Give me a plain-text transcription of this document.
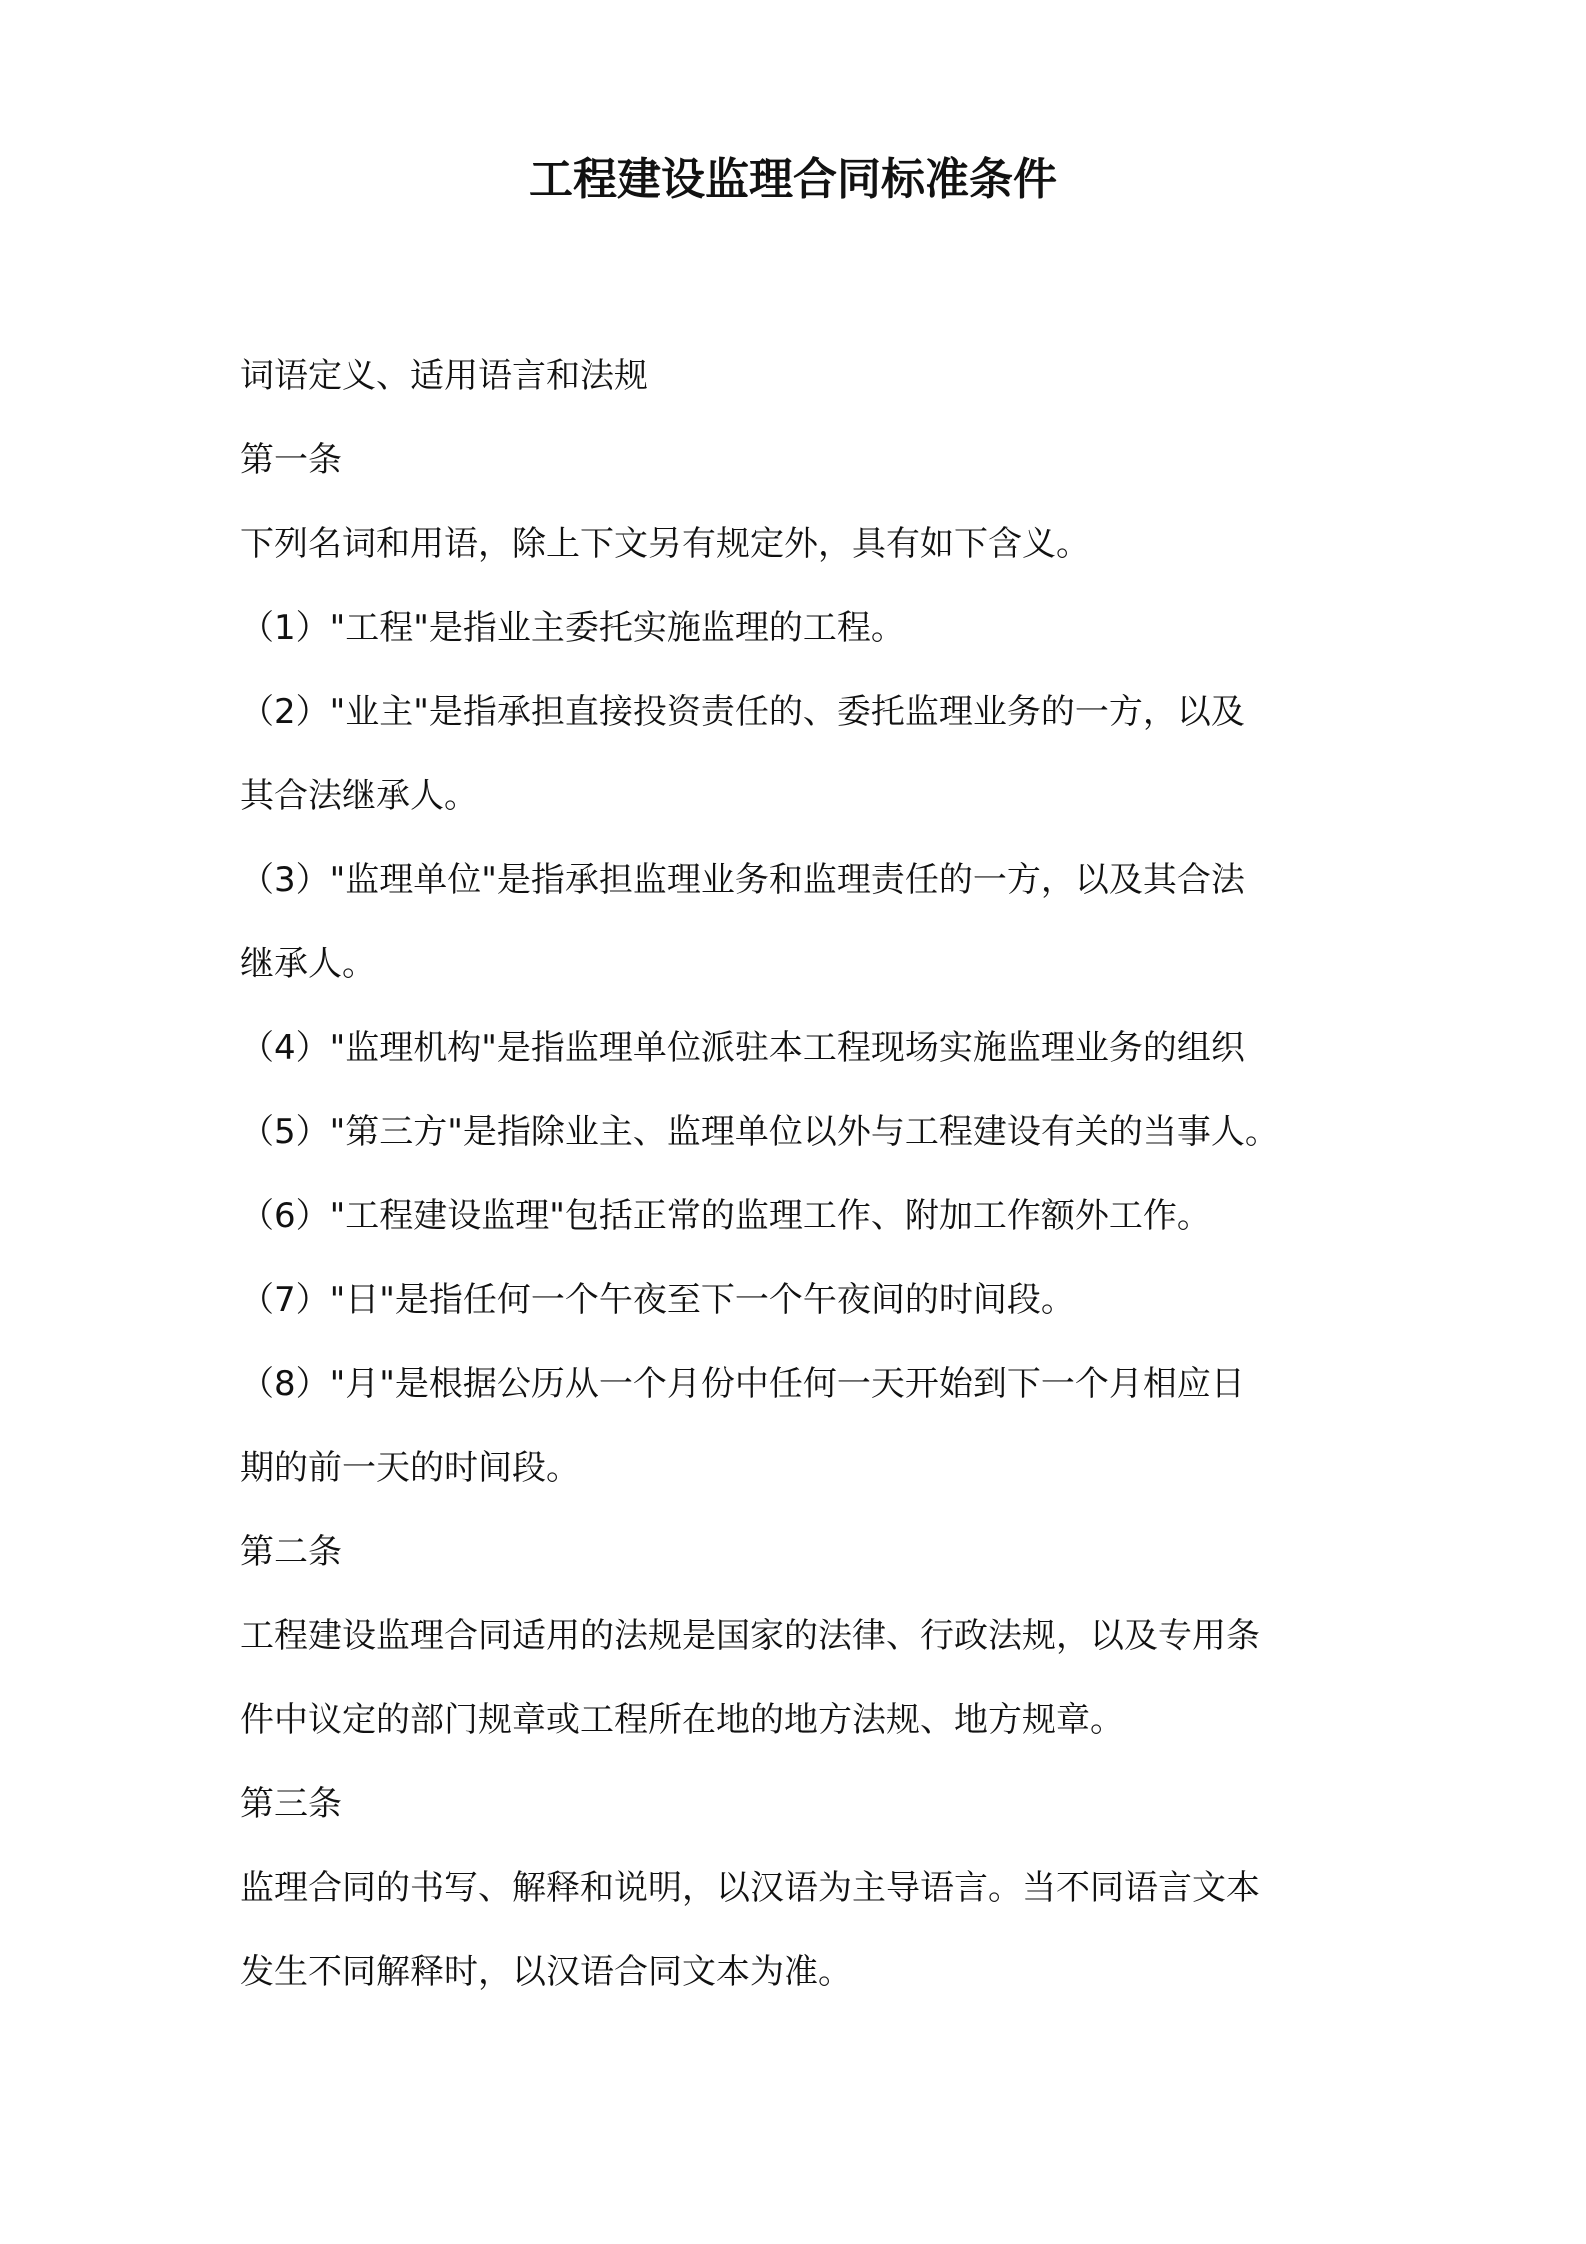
工程建设监理合同标准条件

词语定义、适用语言和法规

第一条

下列名词和用语，除上下文另有规定外，具有如下含义。

（1）"工程"是指业主委托实施监理的工程。

（2）"业主"是指承担直接投资责任的、委托监理业务的一方，以及

其合法继承人。

（3）"监理单位"是指承担监理业务和监理责任的一方，以及其合法

继承人。

（4）"监理机构"是指监理单位派驻本工程现场实施监理业务的组织

（5）"第三方"是指除业主、监理单位以外与工程建设有关的当事人。

（6）"工程建设监理"包括正常的监理工作、附加工作额外工作。

（7）"日"是指任何一个午夜至下一个午夜间的时间段。

（8）"月"是根据公历从一个月份中任何一天开始到下一个月相应日

期的前一天的时间段。

第二条

工程建设监理合同适用的法规是国家的法律、行政法规，以及专用条

件中议定的部门规章或工程所在地的地方法规、地方规章。

第三条

监理合同的书写、解释和说明，以汉语为主导语言。当不同语言文本

发生不同解释时，以汉语合同文本为准。
